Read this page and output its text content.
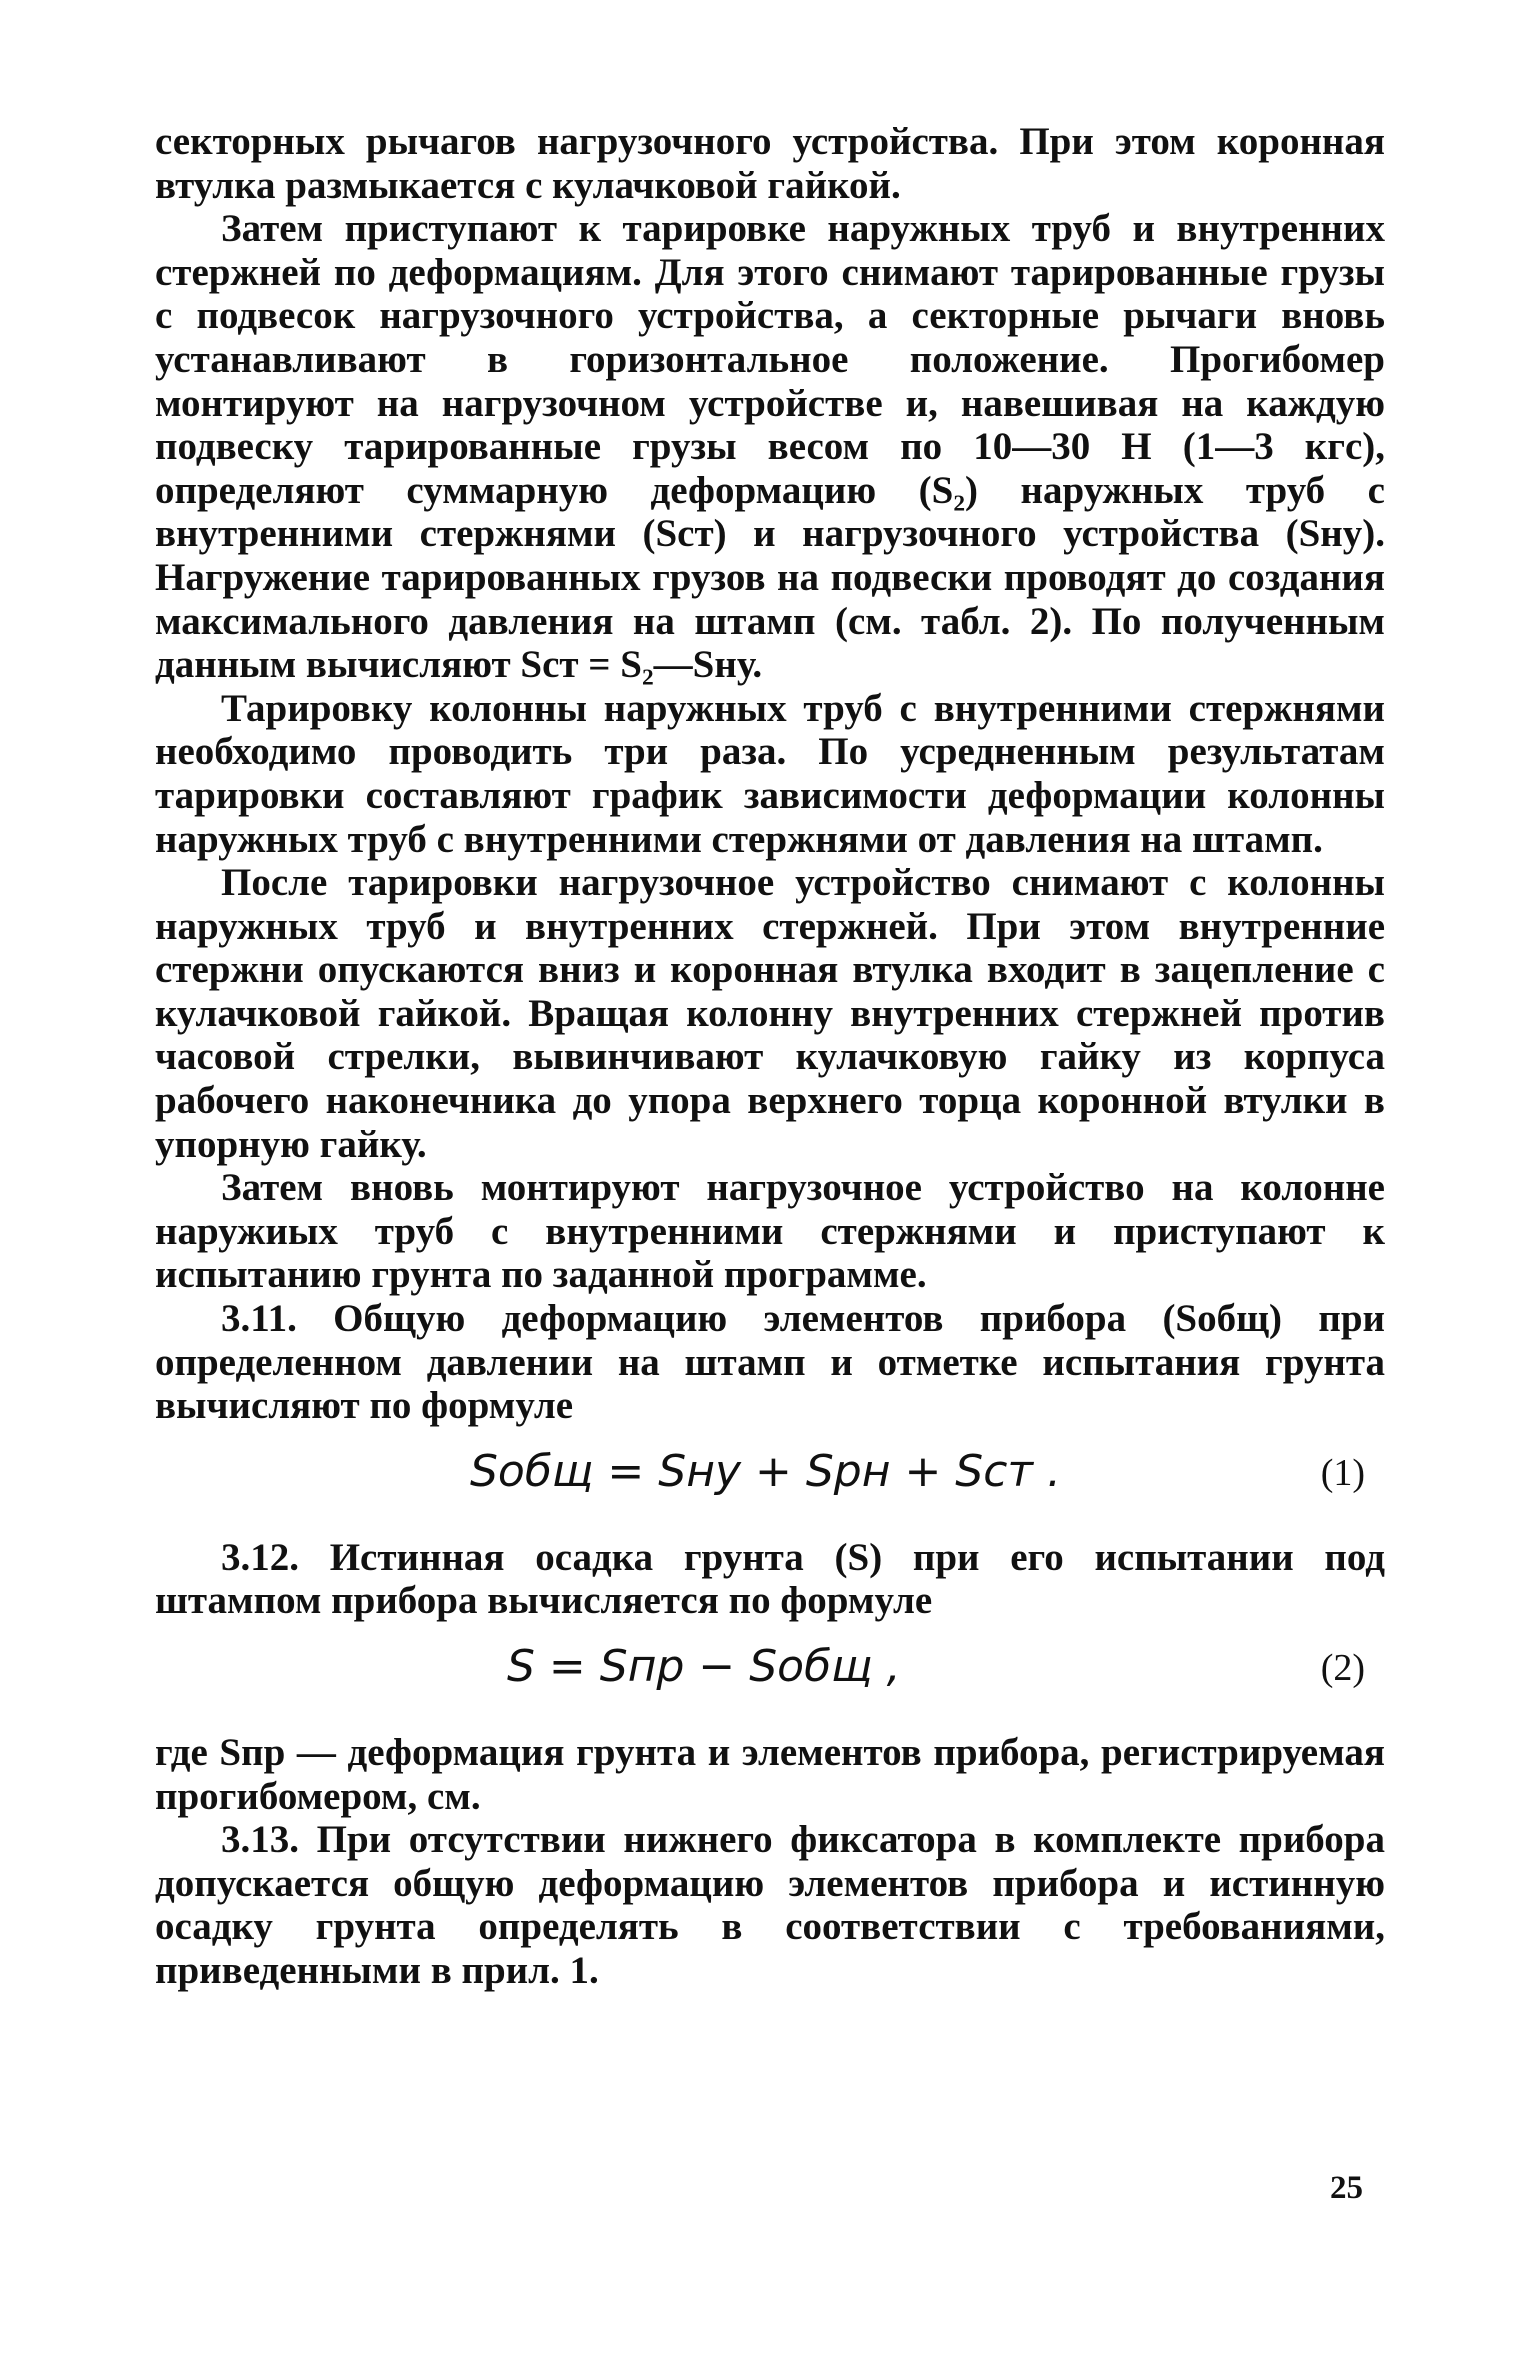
секторных рычагов нагрузочного устройства. При этом коронная втулка размыкается с кулачковой гайкой.

Затем приступают к тарировке наружных труб и внутренних стержней по деформациям. Для этого снимают тарированные грузы с подвесок нагрузочного устройства, а секторные рычаги вновь устанавливают в горизонтальное положение. Прогибомер монтируют на нагрузочном устройстве и, навешивая на каждую подвеску тарированные грузы весом по 10—30 Н (1—3 кгс), определяют суммарную деформацию (S₂) наружных труб с внутренними стержнями (Sст) и нагрузочного устройства (Sну). Нагружение тарированных грузов на подвески проводят до создания максимального давления на штамп (см. табл. 2). По полученным данным вычисляют Sст = S₂—Sну.

Тарировку колонны наружных труб с внутренними стержнями необходимо проводить три раза. По усредненным результатам тарировки составляют график зависимости деформации колонны наружных труб с внутренними стержнями от давления на штамп.

После тарировки нагрузочное устройство снимают с колонны наружных труб и внутренних стержней. При этом внутренние стержни опускаются вниз и коронная втулка входит в зацепление с кулачковой гайкой. Вращая колонну внутренних стержней против часовой стрелки, вывинчивают кулачковую гайку из корпуса рабочего наконечника до упора верхнего торца коронной втулки в упорную гайку.

Затем вновь монтируют нагрузочное устройство на колонне наружиых труб с внутренними стержнями и приступают к испытанию грунта по заданной программе.

3.11. Общую деформацию элементов прибора (Sобщ) при определенном давлении на штамп и отметке испытания грунта вычисляют по формуле

Sобщ = Sну + Sрн + Sст .	(1)

3.12. Истинная осадка грунта (S) при его испытании под штампом прибора вычисляется по формуле

S = Sпр − Sобщ ,	(2)

где Sпр — деформация грунта и элементов прибора, регистрируемая прогибомером, см.

3.13. При отсутствии нижнего фиксатора в комплекте прибора допускается общую деформацию элементов прибора и истинную осадку грунта определять в соответствии с требованиями, приведенными в прил. 1.

25
